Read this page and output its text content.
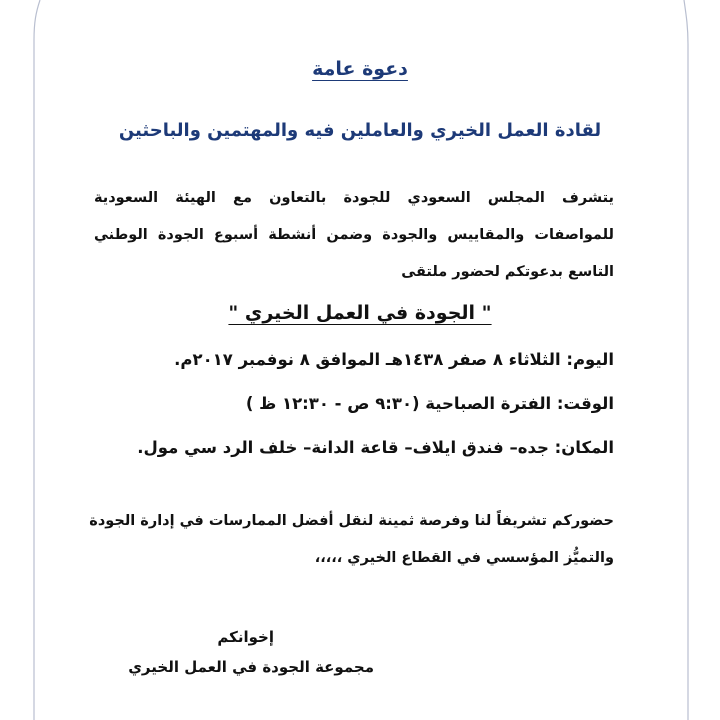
دعوة عامة
لقادة العمل الخيري والعاملين فيه والمهتمين والباحثين
يتشرف المجلس السعودي للجودة بالتعاون مع الهيئة السعودية
للمواصفات والمقاييس والجودة وضمن أنشطة أسبوع الجودة الوطني
التاسع بدعوتكم لحضور ملتقى
" الجودة في العمل الخيري "
اليوم: الثلاثاء ٨ صفر ١٤٣٨هـ الموافق ٨ نوفمبر ٢٠١٧م.
الوقت: الفترة الصباحية (٩:٣٠ ص - ١٢:٣٠ ظ )
المكان: جده– فندق ايلاف– قاعة الدانة– خلف الرد سي مول.
حضوركم تشريفاً لنا وفرصة ثمينة لنقل أفضل الممارسات في إدارة الجودة
والتميُّز المؤسسي في القطاع الخيري ،،،،،
إخوانكم
مجموعة الجودة في العمل الخيري
